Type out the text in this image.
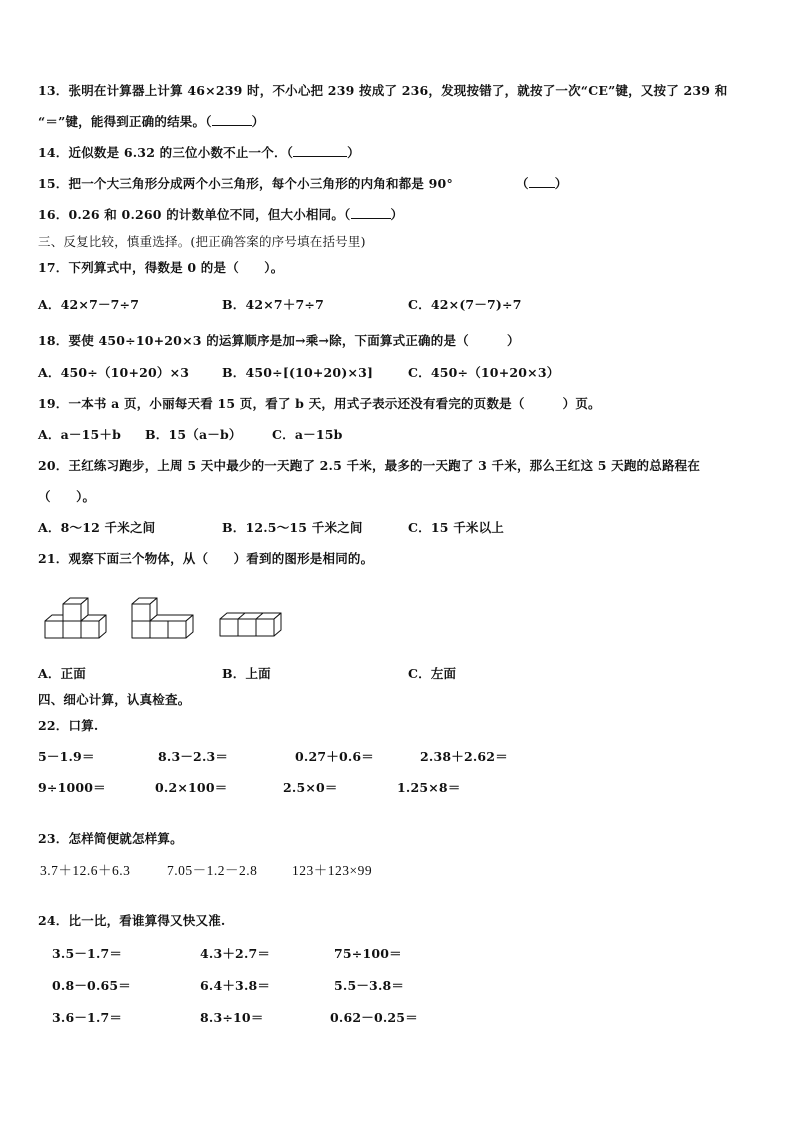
13．张明在计算器上计算 46×239 时，不小心把 239 按成了 236，发现按错了，就按了一次“CE”键，又按了 239 和
“＝”键，能得到正确的结果。（	）
14．近似数是 6.32 的三位小数不止一个．（	）
15．把一个大三角形分成两个小三角形，每个小三角形的内角和都是 90°	（ ）
16．0.26 和 0.260 的计数单位不同，但大小相同。（	）
三、反复比较，慎重选择。(把正确答案的序号填在括号里)
17．下列算式中，得数是 0 的是（　　）。
A．42×7－7÷7	B．42×7＋7÷7	C．42×(7－7)÷7
18．要使 450÷10+20×3 的运算顺序是加→乘→除，下面算式正确的是（　　　）
A．450÷（10+20）×3	B．450÷[(10+20)×3]	C．450÷（10+20×3）
19．一本书 a 页，小丽每天看 15 页，看了 b 天，用式子表示还没有看完的页数是（　　　）页。
A．a－15＋b B．15（a－b） C．a－15b
20．王红练习跑步，上周 5 天中最少的一天跑了 2.5 千米，最多的一天跑了 3 千米，那么王红这 5 天跑的总路程在
（　　）。
A．8～12 千米之间	B．12.5～15 千米之间	C．15 千米以上
21．观察下面三个物体，从（　　）看到的图形是相同的。
A．正面	B．上面	C．左面
四、细心计算，认真检查。
22．口算.
5－1.9＝	8.3－2.3＝	0.27＋0.6＝	2.38＋2.62＝
9÷1000＝	0.2×100＝	2.5×0＝	1.25×8＝
23．怎样简便就怎样算。
3.7＋12.6＋6.3	7.05－1.2－2.8	123＋123×99
24．比一比，看谁算得又快又准.
3.5－1.7＝	4.3＋2.7＝	75÷100＝
0.8－0.65＝	6.4＋3.8＝	5.5－3.8＝
3.6－1.7＝	8.3÷10＝	0.62－0.25＝
